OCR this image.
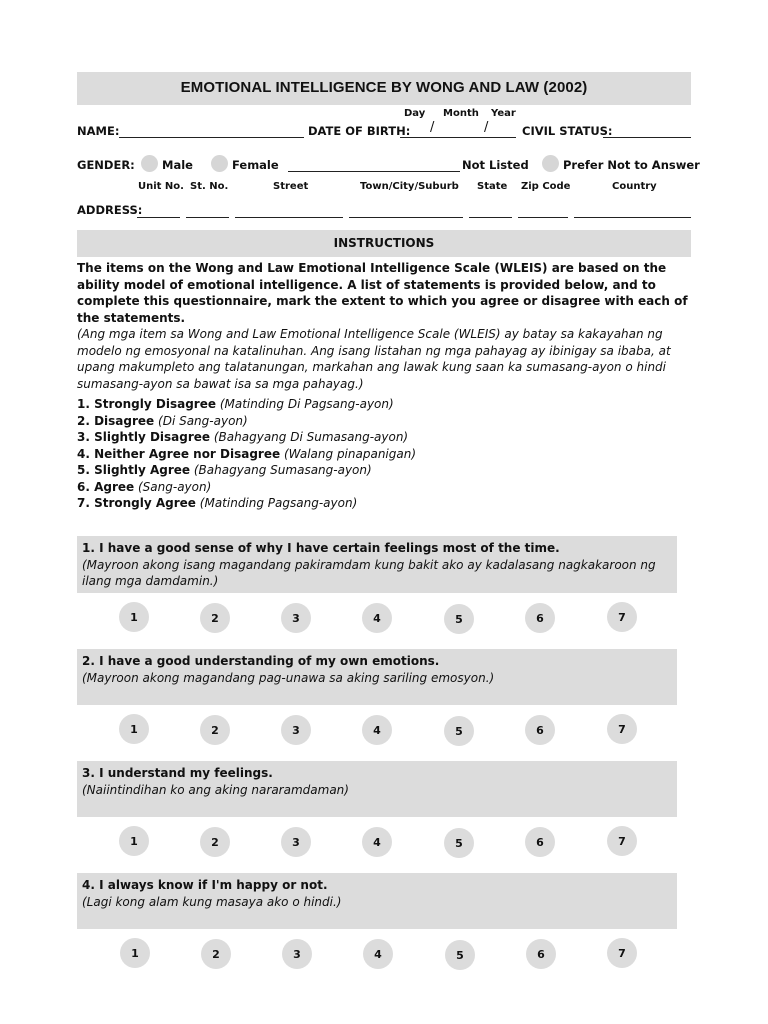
EMOTIONAL INTELLIGENCE BY WONG AND LAW (2002)
Day Month Year
NAME:	DATE OF BIRTH: /	/	CIVIL STATUS:
GENDER: Male	Female	Not Listed	Prefer Not to Answer
Unit No. St. No.	Street	Town/City/Suburb State Zip Code	Country
ADDRESS:
INSTRUCTIONS
The items on the Wong and Law Emotional Intelligence Scale (WLEIS) are based on the ability model of emotional intelligence. A list of statements is provided below, and to complete this questionnaire, mark the extent to which you agree or disagree with each of the statements.
(Ang mga item sa Wong and Law Emotional Intelligence Scale (WLEIS) ay batay sa kakayahan ng modelo ng emosyonal na katalinuhan. Ang isang listahan ng mga pahayag ay ibinigay sa ibaba, at upang makumpleto ang talatanungan, markahan ang lawak kung saan ka sumasang-ayon o hindi sumasang-ayon sa bawat isa sa mga pahayag.)
1. Strongly Disagree (Matinding Di Pagsang-ayon)
2. Disagree (Di Sang-ayon)
3. Slightly Disagree (Bahagyang Di Sumasang-ayon)
4. Neither Agree nor Disagree (Walang pinapanigan)
5. Slightly Agree (Bahagyang Sumasang-ayon)
6. Agree (Sang-ayon)
7. Strongly Agree (Matinding Pagsang-ayon)
1. I have a good sense of why I have certain feelings most of the time.
(Mayroon akong isang magandang pakiramdam kung bakit ako ay kadalasang nagkakaroon ng ilang mga damdamin.)
1	2	3	4	5	6	7
2. I have a good understanding of my own emotions.
(Mayroon akong magandang pag-unawa sa aking sariling emosyon.)
1	2	3	4	5	6	7
3. I understand my feelings.
(Naiintindihan ko ang aking nararamdaman)
1	2	3	4	5	6	7
4. I always know if I'm happy or not.
(Lagi kong alam kung masaya ako o hindi.)
1	2	3	4	5	6	7
